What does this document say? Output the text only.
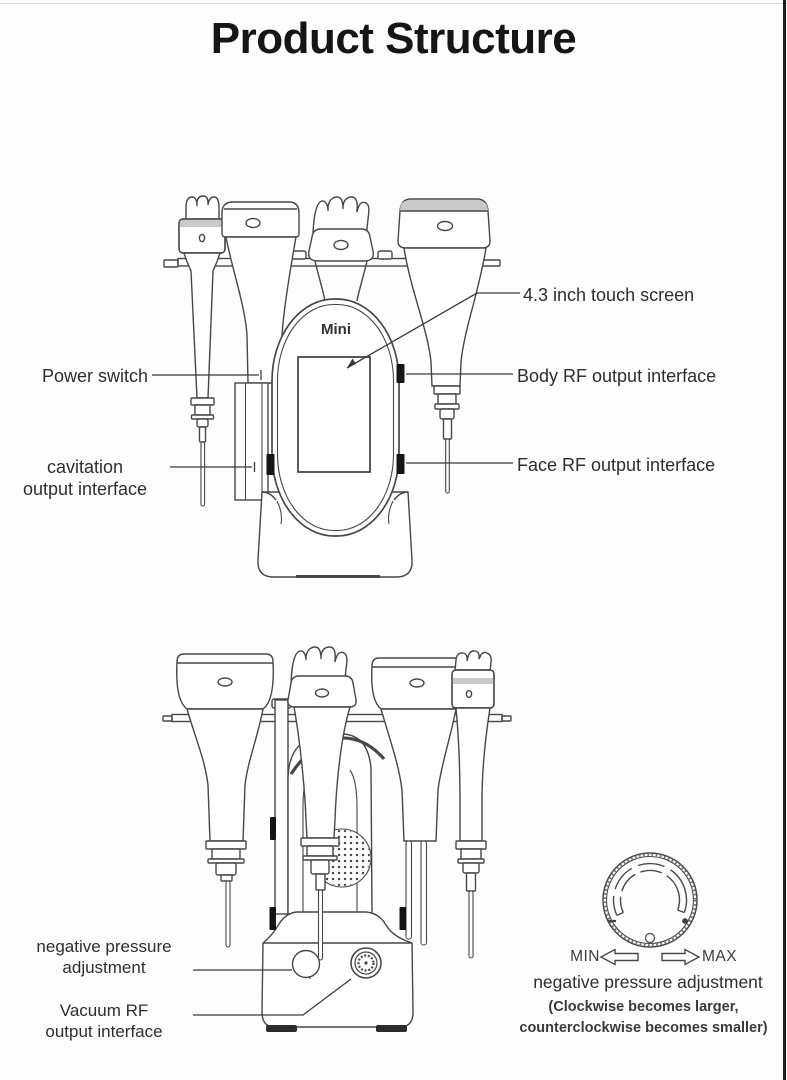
Product Structure
4.3 inch touch screen
Power switch	Body RF output interface
cavitation
output interface
Face RF output interface
Mini
negative pressure
adjustment
Vacuum RF
output interface
MIN	MAX
negative pressure adjustment
(Clockwise becomes larger,
counterclockwise becomes smaller)
